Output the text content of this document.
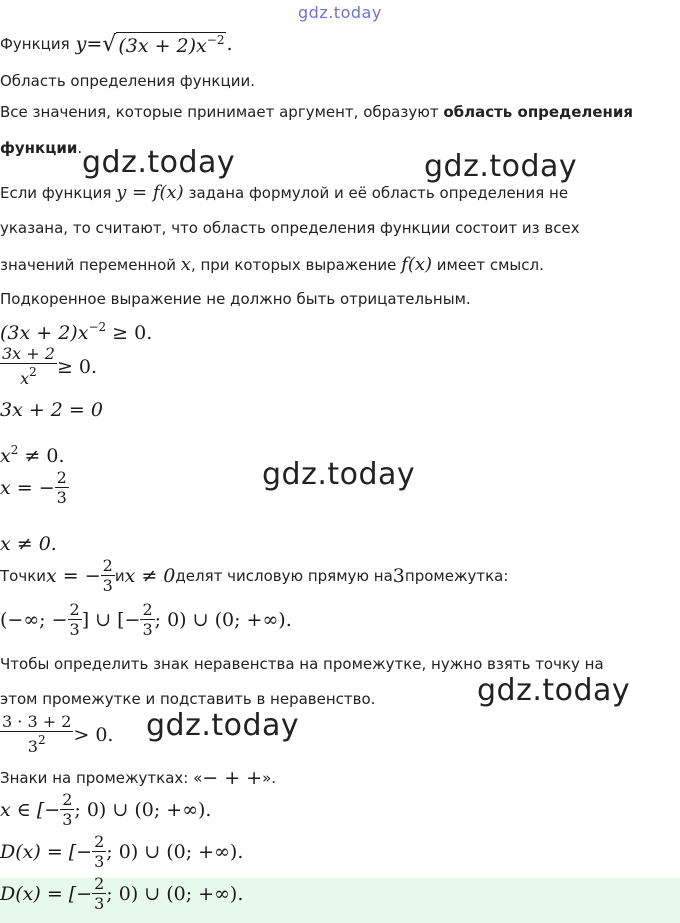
gdz.today
Функция y = √ $(3x + 2)x^{-2}$ .
Область определения функции.
Все значения, которые принимает аргумент, образуют область определения
функции. gdz.today	gdz.today
Если функция y = f(x) задана формулой и её область определения не
указана, то считают, что область определения функции состоит из всех
значений переменной x, при которых выражение f(x) имеет смысл.
Подкоренное выражение не должно быть отрицательным.
$(3x + 2)x^{-2} \ge 0$.
$\frac{3x + 2}{x^2} \ge 0$.
3x + 2 = 0
$x^2 \ne 0$.
gdz.today
x = − $\frac{2}{3}$
x ≠ 0.
Точки x = − $\frac{2}{3}$ и x ≠ 0 делят числовую прямую на 3 промежутка:
(−∞; − $\frac{2}{3}$ ] ∪ [− $\frac{2}{3}$ ; 0) ∪ (0; +∞).
Чтобы определить знак неравенства на промежутке, нужно взять точку на
gdz.today
этом промежутке и подставить в неравенство.
$\frac{3 \cdot 3 + 2}{3^2} > 0$. gdz.today
Знаки на промежутках: « − + + ».
x ∈ [− $\frac{2}{3}$ ; 0) ∪ (0; +∞).
D(x) = [− $\frac{2}{3}$ ; 0) ∪ (0; +∞).
D(x) = [− $\frac{2}{3}$ ; 0) ∪ (0; +∞).
